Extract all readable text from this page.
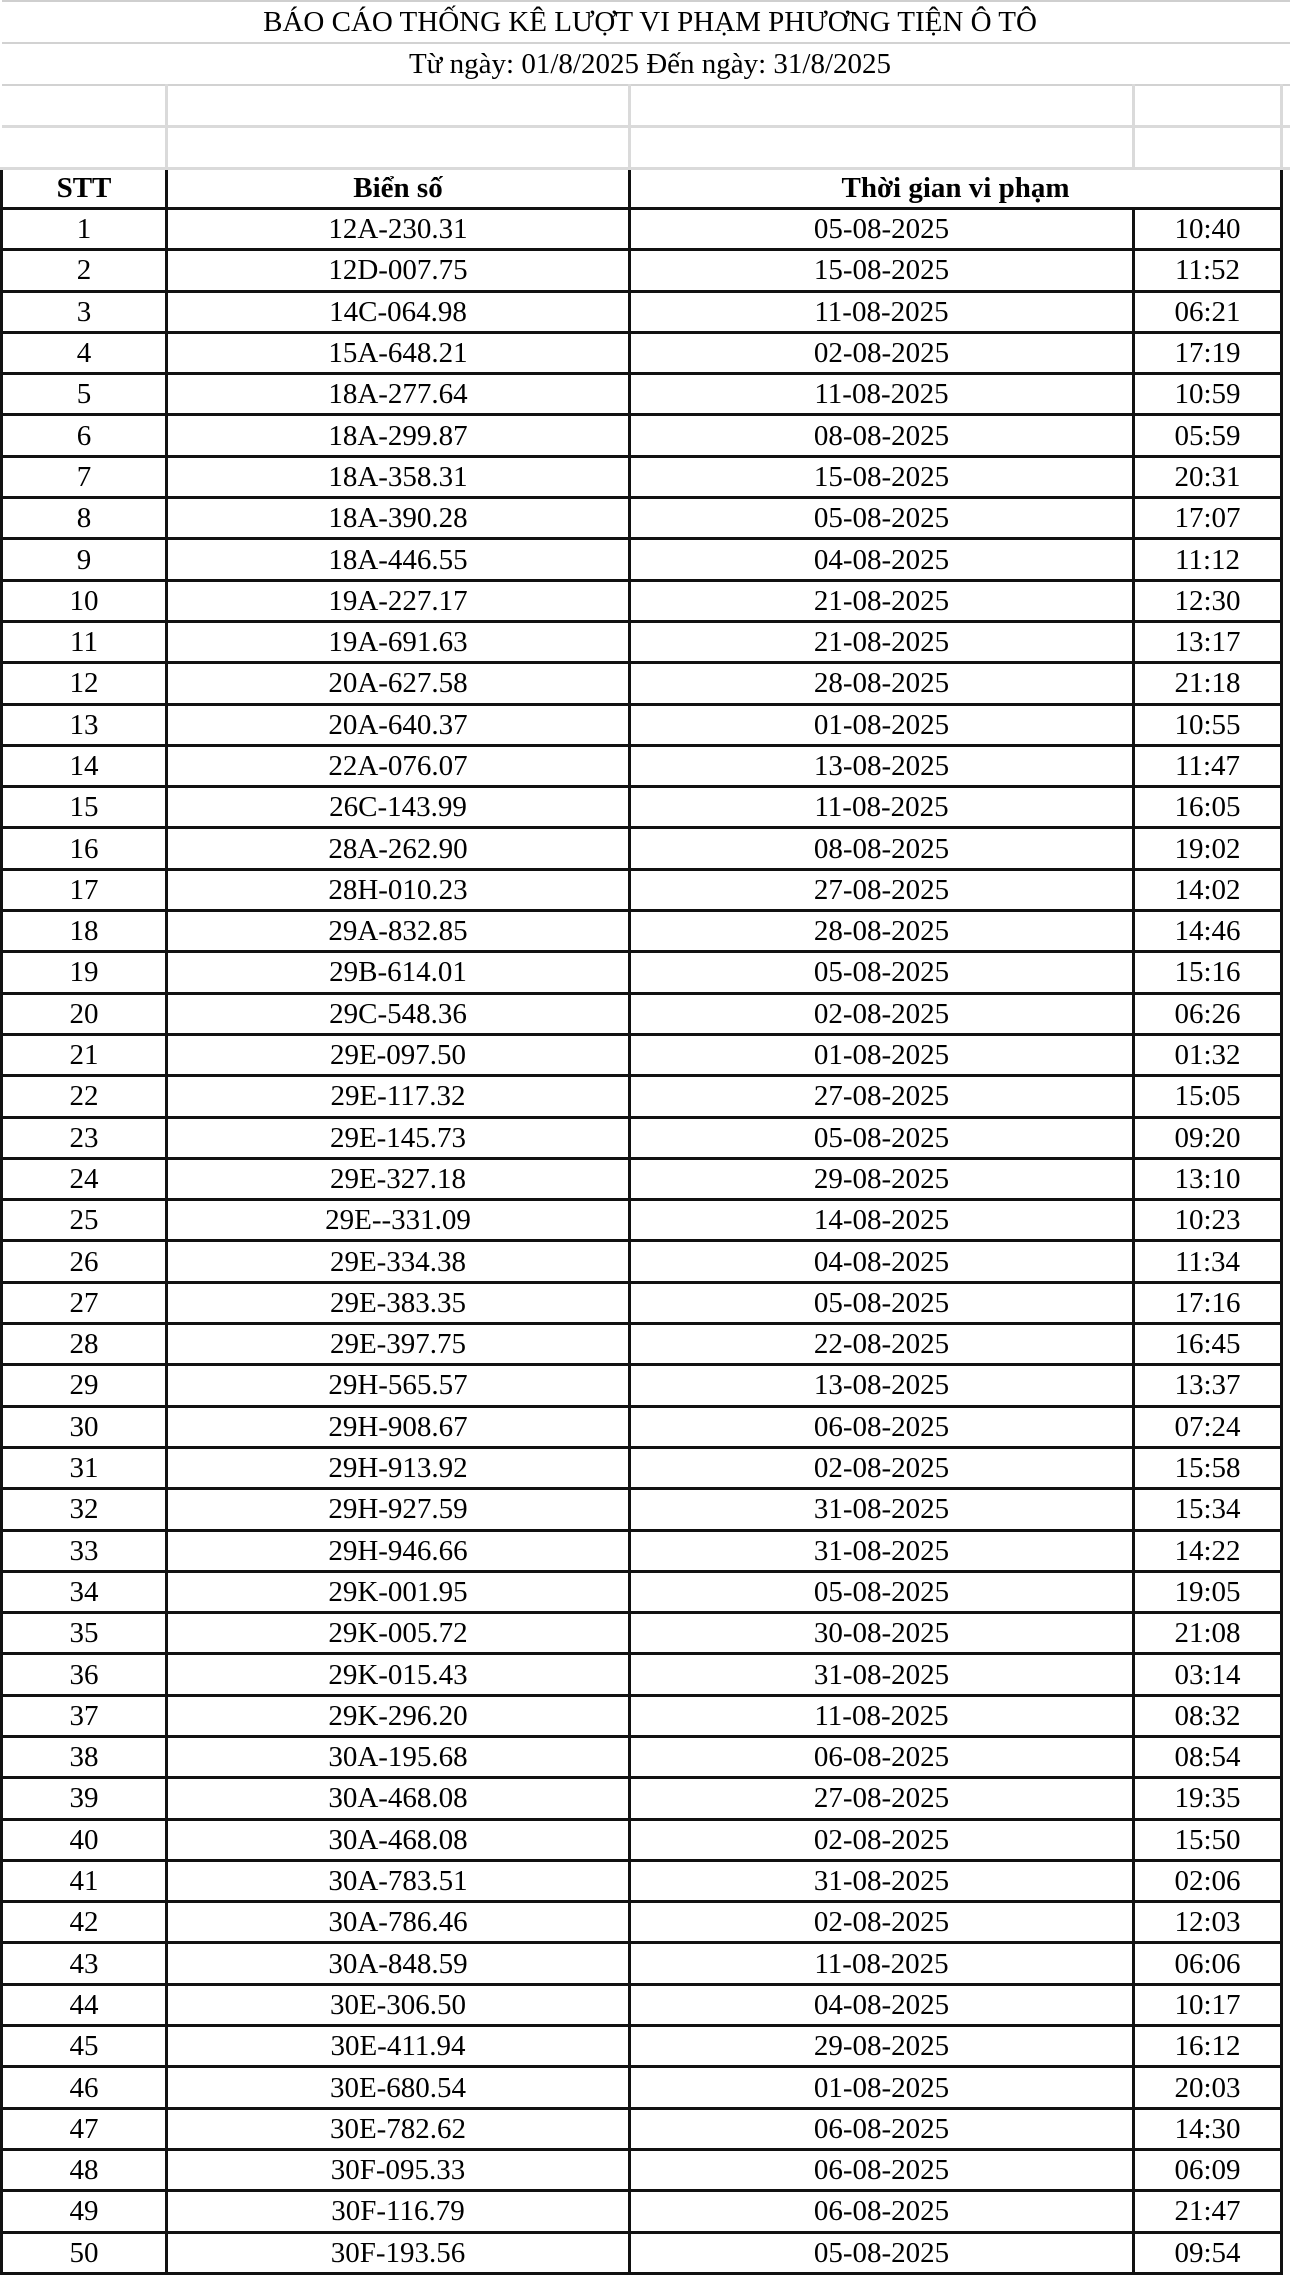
	BÁO CÁO THỐNG KÊ LƯỢT VI PHẠM PHƯƠNG TIỆN Ô TÔ				
	Từ ngày: 01/8/2025 Đến ngày: 31/8/2025				

STT		Biển số	Thời gian vi phạm		
1		12A-230.31	05-08-2025	10:40	
2		12D-007.75	15-08-2025	11:52	
3		14C-064.98	11-08-2025	06:21	
4		15A-648.21	02-08-2025	17:19	
5		18A-277.64	11-08-2025	10:59	
6		18A-299.87	08-08-2025	05:59	
7		18A-358.31	15-08-2025	20:31	
8		18A-390.28	05-08-2025	17:07	
9		18A-446.55	04-08-2025	11:12	
10		19A-227.17	21-08-2025	12:30	
11		19A-691.63	21-08-2025	13:17	
12		20A-627.58	28-08-2025	21:18	
13		20A-640.37	01-08-2025	10:55	
14		22A-076.07	13-08-2025	11:47	
15		26C-143.99	11-08-2025	16:05	
16		28A-262.90	08-08-2025	19:02	
17		28H-010.23	27-08-2025	14:02	
18		29A-832.85	28-08-2025	14:46	
19		29B-614.01	05-08-2025	15:16	
20		29C-548.36	02-08-2025	06:26	
21		29E-097.50	01-08-2025	01:32	
22		29E-117.32	27-08-2025	15:05	
23		29E-145.73	05-08-2025	09:20	
24		29E-327.18	29-08-2025	13:10	
25		29E--331.09	14-08-2025	10:23	
26		29E-334.38	04-08-2025	11:34	
27		29E-383.35	05-08-2025	17:16	
28		29E-397.75	22-08-2025	16:45	
29		29H-565.57	13-08-2025	13:37	
30		29H-908.67	06-08-2025	07:24	
31		29H-913.92	02-08-2025	15:58	
32		29H-927.59	31-08-2025	15:34	
33		29H-946.66	31-08-2025	14:22	
34		29K-001.95	05-08-2025	19:05	
35		29K-005.72	30-08-2025	21:08	
36		29K-015.43	31-08-2025	03:14	
37		29K-296.20	11-08-2025	08:32	
38		30A-195.68	06-08-2025	08:54	
39		30A-468.08	27-08-2025	19:35	
40		30A-468.08	02-08-2025	15:50	
41		30A-783.51	31-08-2025	02:06	
42		30A-786.46	02-08-2025	12:03	
43		30A-848.59	11-08-2025	06:06	
44		30E-306.50	04-08-2025	10:17	
45		30E-411.94	29-08-2025	16:12	
46		30E-680.54	01-08-2025	20:03	
47		30E-782.62	06-08-2025	14:30	
48		30F-095.33	06-08-2025	06:09	
49		30F-116.79	06-08-2025	21:47	
50		30F-193.56	05-08-2025	09:54	
